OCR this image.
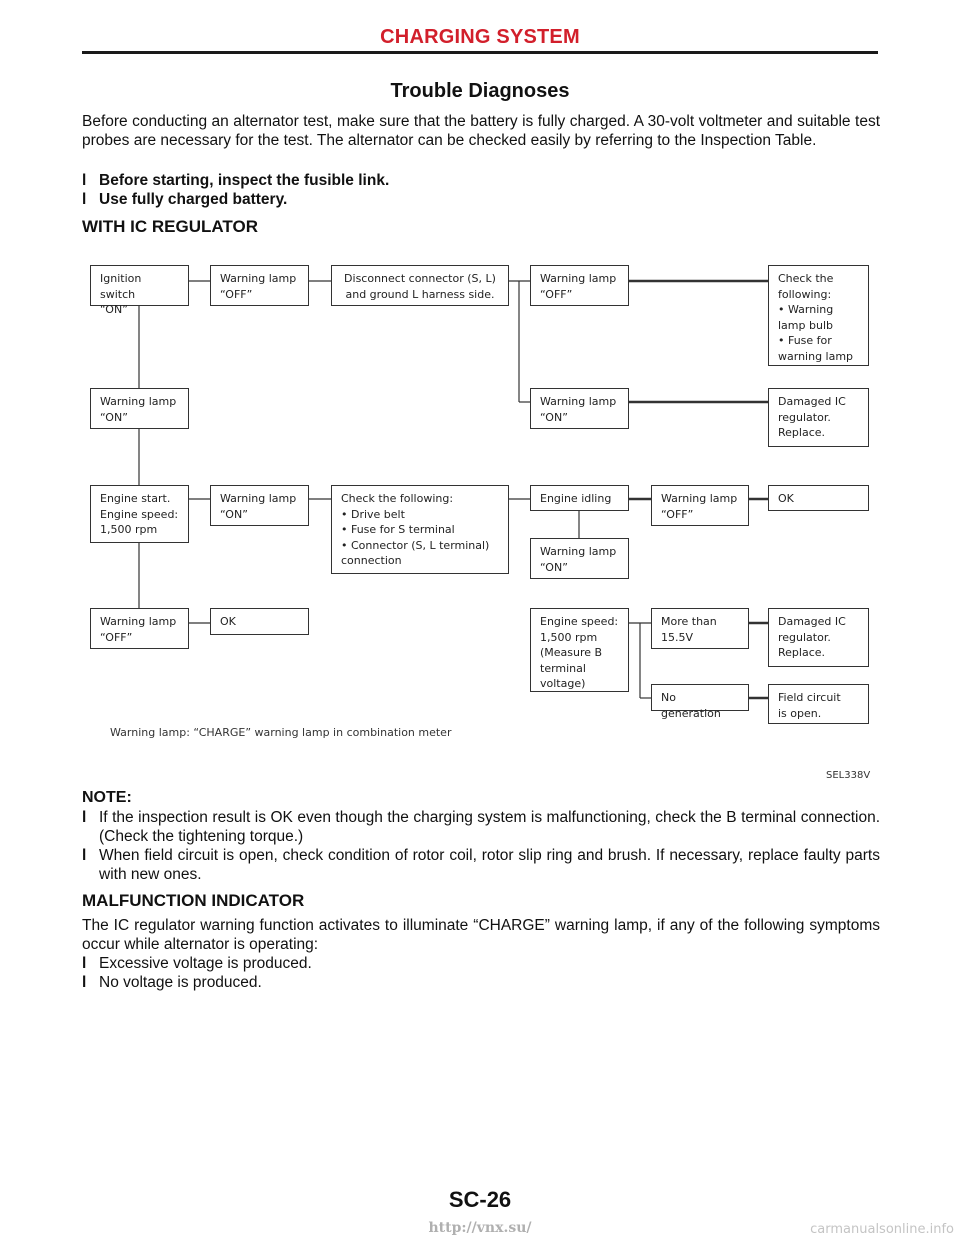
CHARGING SYSTEM
Trouble Diagnoses
Before conducting an alternator test, make sure that the battery is fully charged. A 30-volt voltmeter and suitable test probes are necessary for the test. The alternator can be checked easily by referring to the Inspection Table.
l Before starting, inspect the fusible link.
l Use fully charged battery.
WITH IC REGULATOR
Ignition switch
“ON”
Warning lamp
“OFF”
Disconnect connector (S, L)
and ground L harness side.
Warning lamp
“OFF”
Check the
following:
• Warning
lamp bulb
• Fuse for
warning lamp
Warning lamp
“ON”
Warning lamp
“ON”
Damaged IC
regulator.
Replace.
Engine start.
Engine speed:
1,500 rpm
Warning lamp
“ON”
Check the following:
• Drive belt
• Fuse for S terminal
• Connector (S, L terminal)
connection
Engine idling	Warning lamp
“OFF”
OK
Warning lamp
“ON”
Warning lamp
“OFF”
OK	Engine speed:
1,500 rpm
(Measure B
terminal
voltage)
More than
15.5V
Damaged IC
regulator.
Replace.
No generation
Field circuit
is open.
Warning lamp: “CHARGE” warning lamp in combination meter
SEL338V
NOTE:
l If the inspection result is OK even though the charging system is malfunctioning, check the B terminal connection. (Check the tightening torque.)
l When field circuit is open, check condition of rotor coil, rotor slip ring and brush. If necessary, replace faulty parts with new ones.
MALFUNCTION INDICATOR
The IC regulator warning function activates to illuminate “CHARGE” warning lamp, if any of the following symptoms occur while alternator is operating:
l Excessive voltage is produced.
l No voltage is produced.
SC-26
http://vnx.su/	carmanualsonline.info
